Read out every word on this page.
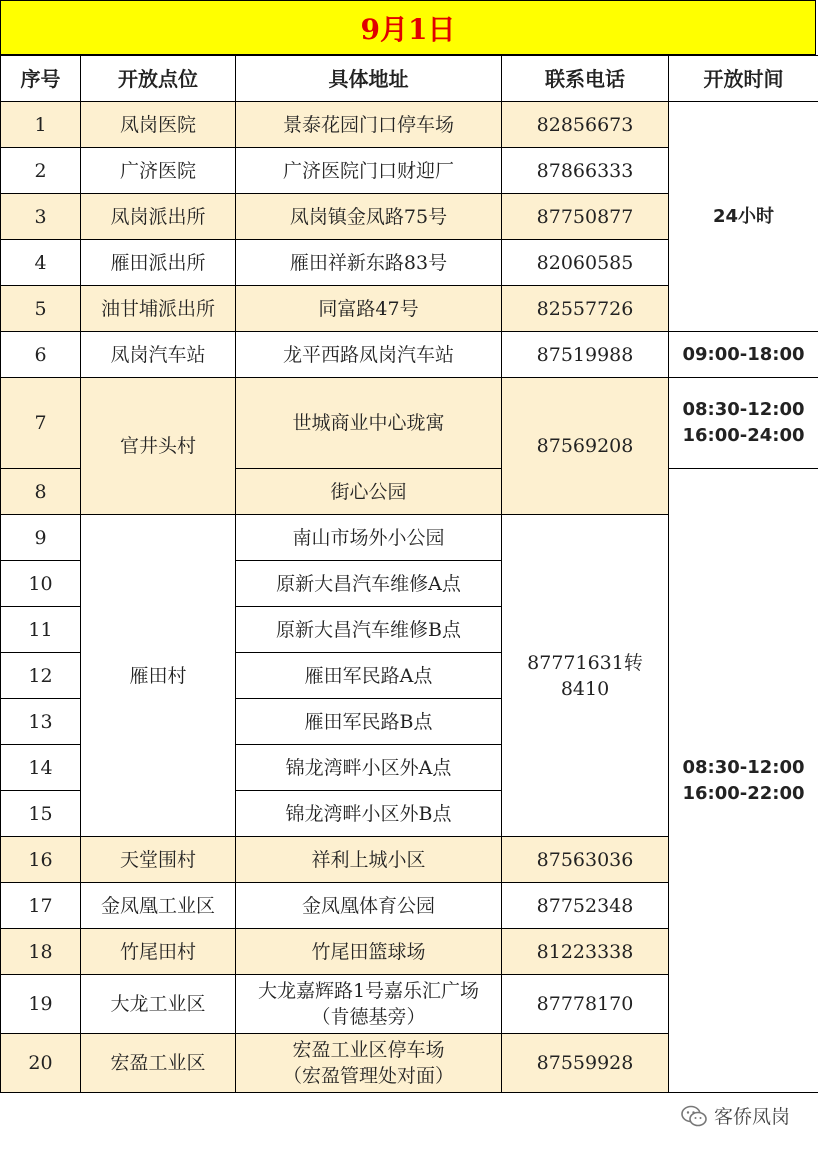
9月1日
序号	开放点位	具体地址	联系电话	开放时间
1	凤岗医院	景泰花园门口停车场	82856673	24小时
2	广济医院	广济医院门口财迎厂	87866333	
3	凤岗派出所	凤岗镇金凤路75号	87750877	
4	雁田派出所	雁田祥新东路83号	82060585	
5	油甘埔派出所	同富路47号	82557726	
6	凤岗汽车站	龙平西路凤岗汽车站	87519988	09:00-18:00
7	官井头村	世城商业中心珑寓	87569208	08:30-12:00
16:00-24:00
8		街心公园		08:30-12:00
16:00-22:00
9	雁田村	南山市场外小公园	87771631转8410	
10		原新大昌汽车维修A点		
11		原新大昌汽车维修B点		
12		雁田军民路A点		
13		雁田军民路B点		
14		锦龙湾畔小区外A点		
15		锦龙湾畔小区外B点		
16	天堂围村	祥利上城小区	87563036	
17	金凤凰工业区	金凤凰体育公园	87752348	
18	竹尾田村	竹尾田篮球场	81223338	
19	大龙工业区	大龙嘉辉路1号嘉乐汇广场
（肯德基旁）	87778170	
20	宏盈工业区	宏盈工业区停车场
（宏盈管理处对面）	87559928	
客侨凤岗
